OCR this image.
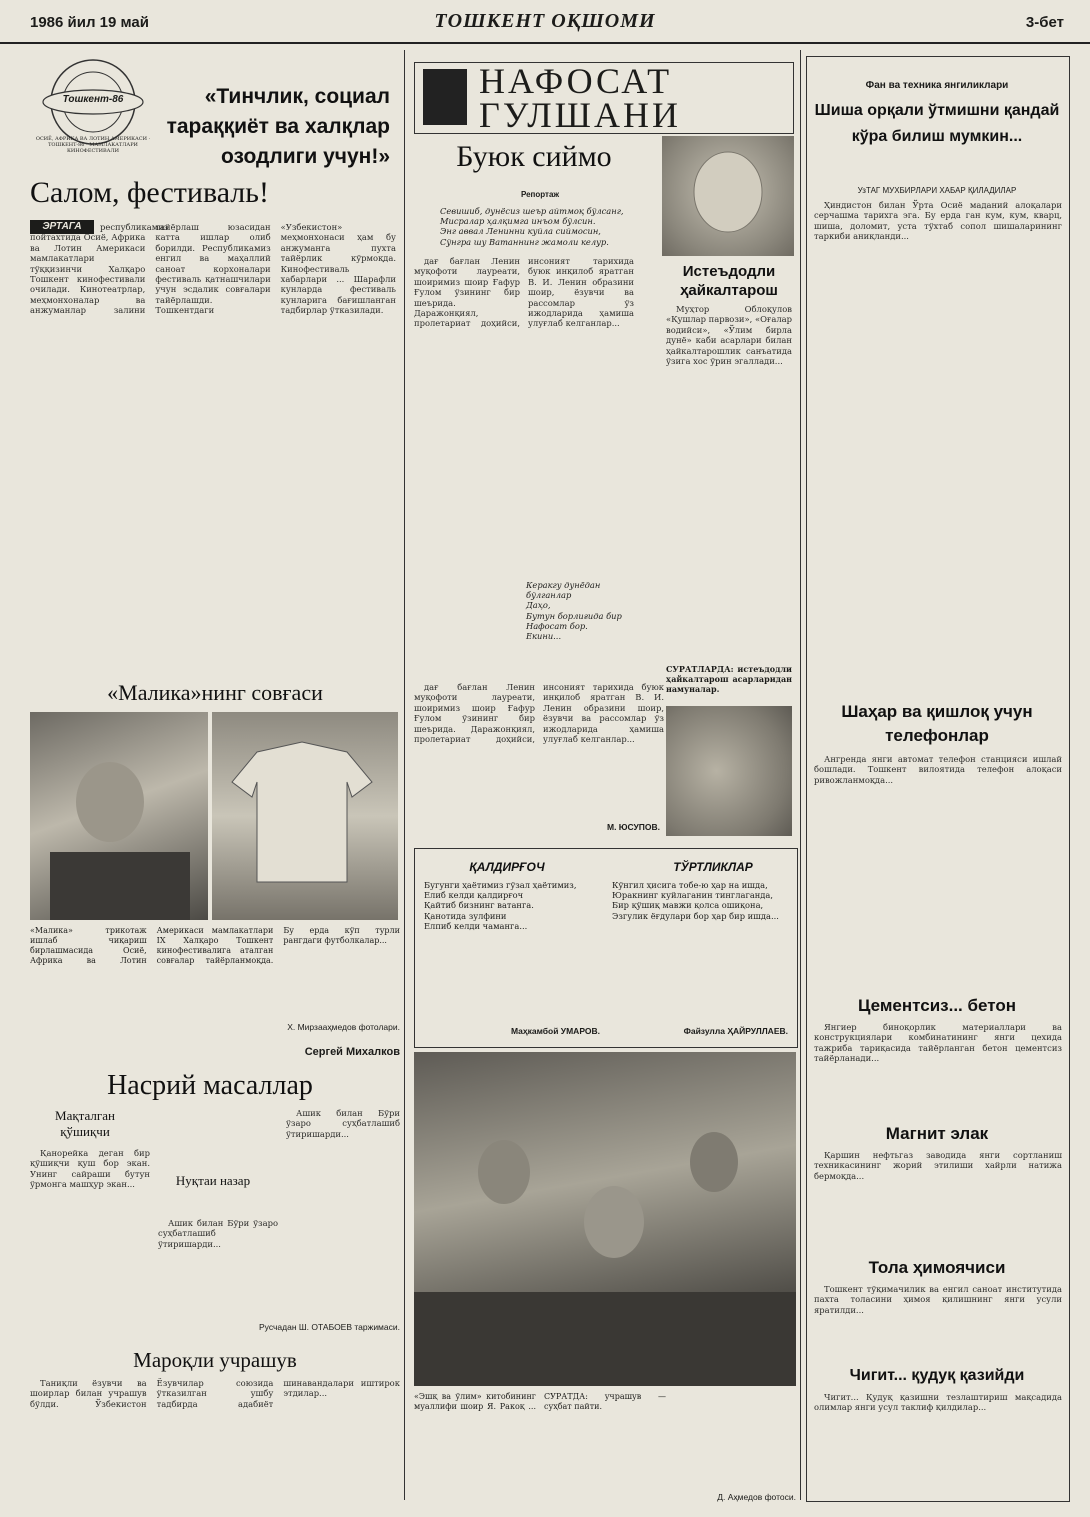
1986 йил 19 май	ТОШКЕНТ ОҚШОМИ	3-бет
Тошкент-86
ОСИЁ, АФРИКА ВА ЛОТИН АМЕРИКАСИ · ТОШКЕНТ-86 · МАМЛАКАТЛАРИ КИНОФЕСТИВАЛИ
«Тинчлик, социал тараққиёт ва халқлар озодлиги учун!»
Салом, фестиваль!
ЭРТАГА	республикамиз пойтахтида Осиё, Африка ва Лотин Америкаси мамлакатлари тўққизинчи Халқаро Тошкент кинофестивали очилади. Кинотеатрлар, меҳмонхоналар ва анжуманлар залини тайёрлаш юзасидан катта ишлар олиб борилди. Республикамиз енгил ва маҳаллий саноат корхоналари фестиваль қатнашчилари учун эсдалик совғалари тайёрлашди. Тошкентдаги «Узбекистон» меҳмонхонаси ҳам бу анжуманга пухта тайёрлик кўрмоқда. Кинофестиваль хабарлари ... Шарафли кунларда фестиваль кунларига бағишланган тадбирлар ўтказилади.

«Малика»нинг совғаси
«Малика» трикотаж ишлаб чиқариш бирлашмасида Осиё, Африка ва Лотин Америкаси мамлакатлари IX Халқаро Тошкент кинофестивалига аталган совғалар тайёрланмоқда. Бу ерда кўп турли рангдаги футболкалар...
Х. Мирзааҳмедов фотолари.
Сергей Михалков
Насрий масаллар
Мақталган қўшиқчи

Қанорейка деган бир қўшиқчи қуш бор экан. Унинг сайраши бутун ўрмонга машҳур экан...	Нуқтаи назар

Ашик билан Бўри ўзаро суҳбатлашиб ўтиришарди...

Ашик билан Бўри ўзаро суҳбатлашиб ўтиришарди...

Русчадан Ш. ОТАБОЕВ таржимаси.
Мароқли учрашув

Таниқли ёзувчи ва шоирлар билан учрашув бўлди. Ўзбекистон Ёзувчилар союзида ўтказилган ушбу тадбирда адабиёт шинавандалари иштирок этдилар...

НАФОСАТ
ГУЛШАНИ
Буюк сиймо
Репортаж
Севишиб, дунёсиз шеър айтмоқ бўлсанг,
Мисралар ҳалқимга инъом бўлсин.
Энг аввал Ленинни куйла сиймосин,
Сўнгра шу Ватаннинг жамоли келур.

дағ бағлан Ленин муқофоти лауреати, шоиримиз шоир Ғафур Ғулом ўзининг бир шеърида. Даражонқиял, пролетариат доҳийси, инсоният тарихида буюк инқилоб яратган В. И. Ленин образини шоир, ёзувчи ва рассомлар ўз ижодларида ҳамиша улуғлаб келганлар...

Керакгу дунёдан бўлганлар
Даҳо,
Бутун борлиғида бир
Нафосат бор.
Екини...

дағ бағлан Ленин муқофоти лауреати, шоиримиз шоир Ғафур Ғулом ўзининг бир шеърида. Даражонқиял, пролетариат доҳийси, инсоният тарихида буюк инқилоб яратган В. И. Ленин образини шоир, ёзувчи ва рассомлар ўз ижодларида ҳамиша улуғлаб келганлар...

М. ЮСУПОВ.
Истеъдодли ҳайкалтарош

Муҳтор Облоқулов «Қушлар парвози», «Оғалар водийси», «Ўлим бирла дунё» каби асарлари билан ҳайкалтарошлик санъатида ўзига хос ўрин эгаллади...

СУРАТЛАРДА: истеъдодли ҳайкалтарош асарларидан намуналар.
ҚАЛДИРҒОЧ
Бугунги ҳаётимиз гўзал ҳаётимиз,
Елиб келди қалдирғоч
Қайтиб бизнинг ватанга.
Қанотида зулфини
Елпиб келди чаманга...
Маҳкамбой УМАРОВ.
ТЎРТЛИКЛАР
Кўнгил ҳисига тобе-ю ҳар на ишда,
Юракнинг куйлаганин тинглаганда,
Бир қўшиқ мавжи қолса ошиқона,
Эзгулик ёғдулари бор ҳар бир ишда...
Файзулла ҲАЙРУЛЛАЕВ.
«Эшқ ва ўлим» китобининг муаллифи шоир Я. Ракоқ ... СУРАТДА: учрашув — суҳбат пайти.
Д. Аҳмедов фотоси.
Фан ва техника янгиликлари
Шиша орқали ўтмишни қандай кўра билиш мумкин...
УзТАГ МУХБИРЛАРИ ХАБАР ҚИЛАДИЛАР

Ҳиндистон билан Ўрта Осиё маданий алоқалари серчашма тарихга эга. Бу ерда ган кум, кум, кварц, шиша, доломит, уста тўхтаб сопол шишаларининг таркиби аниқланди...

Шаҳар ва қишлоқ учун телефонлар

Ангренда янги автомат телефон станцияси ишлай бошлади. Тошкент вилоятида телефон алоқаси ривожланмоқда...

Цементсиз... бетон

Янгиер биноқорлик материаллари ва конструкциялари комбинатининг янги цехида тажриба тариқасида тайёрланган бетон цементсиз тайёрланади...

Магнит элак

Қаршин нефтьгаз заводида янги сортланиш техникасининг жорий этилиши хайрли натижа бермоқда...

Тола ҳимоячиси

Тошкент тўқимачилик ва енгил саноат институтида пахта толасини ҳимоя қилишнинг янги усули яратилди...

Чигит... қудуқ қазийди

Чигит... Қудуқ қазишни тезлаштириш мақсадида олимлар янги усул таклиф қилдилар...
